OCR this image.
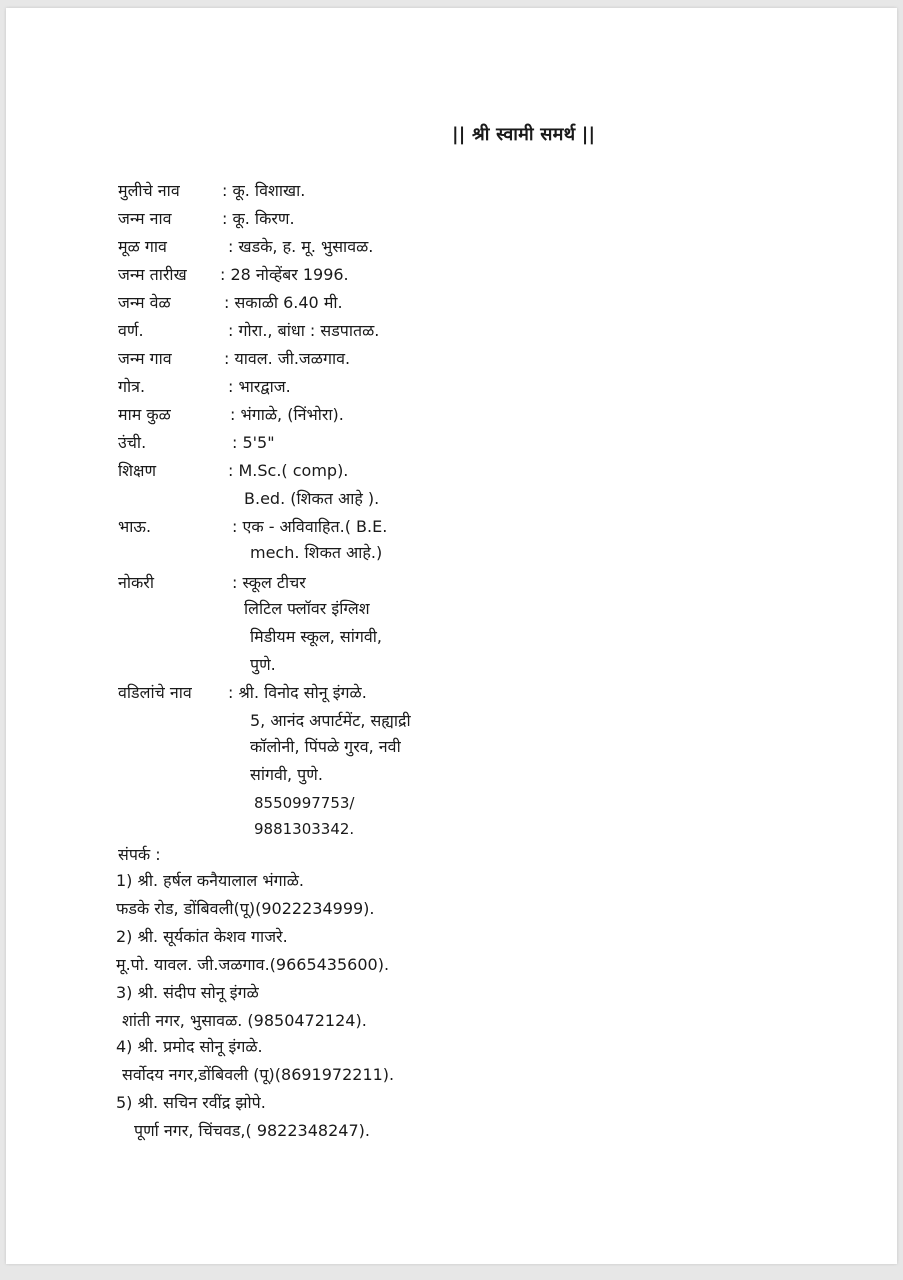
|| श्री स्वामी समर्थ ||
मुलीचे नाव	: कू. विशाखा.
जन्म नाव	: कू. किरण.
मूळ गाव	: खडके, ह. मू. भुसावळ.
जन्म तारीख : 28 नोव्हेंबर 1996.
जन्म वेळ	: सकाळी 6.40 मी.
वर्ण.	: गोरा., बांधा : सडपातळ.
जन्म गाव	: यावल. जी.जळगाव.
गोत्र.	: भारद्वाज.
माम कुळ	: भंगाळे, (निंभोरा).
उंची.	: 5'5"
शिक्षण	: M.Sc.( comp).
B.ed. (शिकत आहे ).
भाऊ.	: एक - अविवाहित.( B.E.
mech. शिकत आहे.)
नोकरी	: स्कूल टीचर
लिटिल फ्लॉवर इंग्लिश
मिडीयम स्कूल, सांगवी,
पुणे.
वडिलांचे नाव : श्री. विनोद सोनू इंगळे.
5, आनंद अपार्टमेंट, सह्याद्री
कॉलोनी, पिंपळे गुरव, नवी
सांगवी, पुणे.
8550997753/
9881303342.
संपर्क :
1) श्री. हर्षल कनैयालाल भंगाळे.
फडके रोड, डोंबिवली(पू)(9022234999).
2) श्री. सूर्यकांत केशव गाजरे.
मू.पो. यावल. जी.जळगाव.(9665435600).
3) श्री. संदीप सोनू इंगळे
शांती नगर, भुसावळ. (9850472124).
4) श्री. प्रमोद सोनू इंगळे.
सर्वोदय नगर,डोंबिवली (पू)(8691972211).
5) श्री. सचिन रवींद्र झोपे.
पूर्णा नगर, चिंचवड,( 9822348247).
